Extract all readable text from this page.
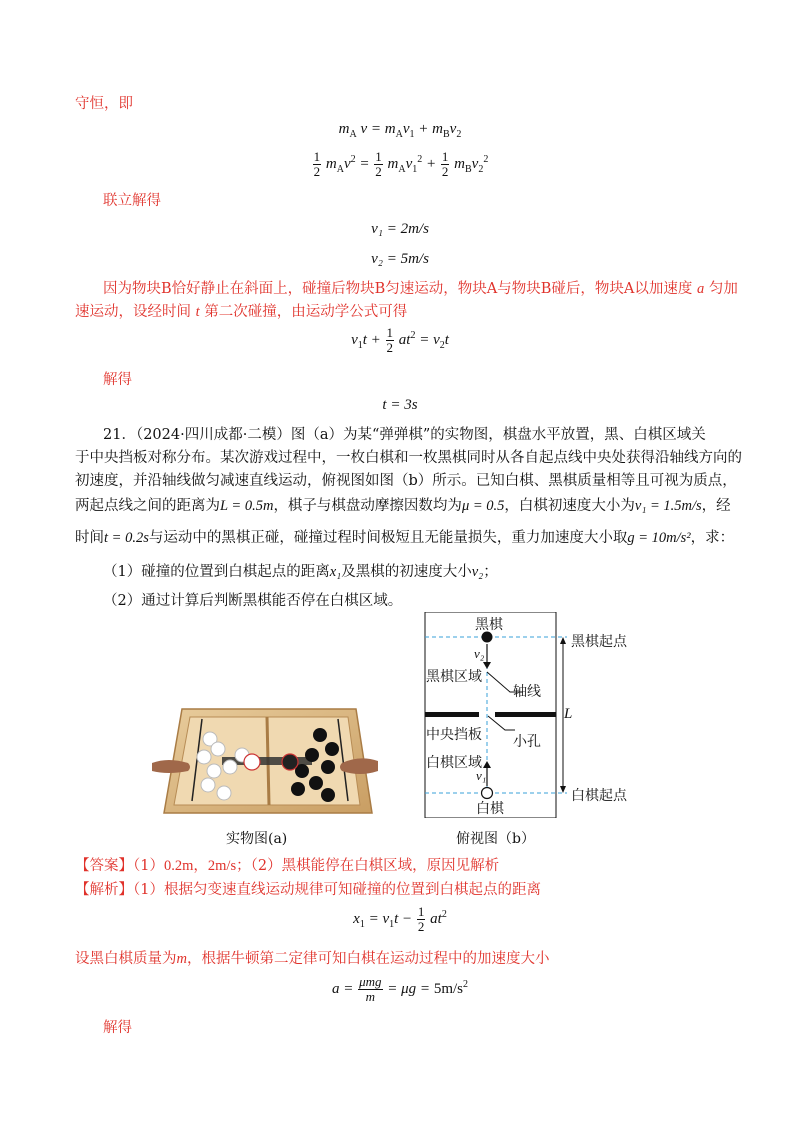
守恒，即
$m_A$ $v = m_Av_1 + m_Bv_2$
$\frac{1}{2} m_Av^2 = \frac{1}{2} m_Av_1^2 + \frac{1}{2} m_Bv_2^2$
联立解得
v₁ = 2m/s
v₂ = 5m/s
因为物块B恰好静止在斜面上，碰撞后物块B匀速运动，物块A与物块B碰后，物块A以加速度 a 匀加
速运动，设经时间 t 第二次碰撞，由运动学公式可得
$v_1t + \frac{1}{2} at^2 = v_2t$
解得
t = 3s
21．（2024·四川成都·二模）图（a）为某“弹弹棋”的实物图，棋盘水平放置，黑、白棋区域关
于中央挡板对称分布。某次游戏过程中，一枚白棋和一枚黑棋同时从各自起点线中央处获得沿轴线方向的
初速度，并沿轴线做匀减速直线运动，俯视图如图（b）所示。已知白棋、黑棋质量相等且可视为质点，
两起点线之间的距离为L = 0.5m，棋子与棋盘动摩擦因数均为μ = 0.5，白棋初速度大小为v₁ = 1.5m/s，经
时间t = 0.2s与运动中的黑棋正碰，碰撞过程时间极短且无能量损失，重力加速度大小取g = 10m/s²，求：
（1）碰撞的位置到白棋起点的距离x₁及黑棋的初速度大小v₂；
（2）通过计算后判断黑棋能否停在白棋区域。
实物图(a)
黑棋
黑棋起点
v₂
黑棋区域
轴线
L
中央挡板 小孔
白棋区域
v₁
白棋
白棋起点
俯视图（b）
【答案】（1）0.2m，2m/s；（2）黑棋能停在白棋区域，原因见解析
【解析】（1）根据匀变速直线运动规律可知碰撞的位置到白棋起点的距离
$x_1 = v_1t - \frac{1}{2} at^2$
设黑白棋质量为m，根据牛顿第二定律可知白棋在运动过程中的加速度大小
$a = \frac{\text{μmg}}{m} = \mu g = 5m/s^2$
解得
